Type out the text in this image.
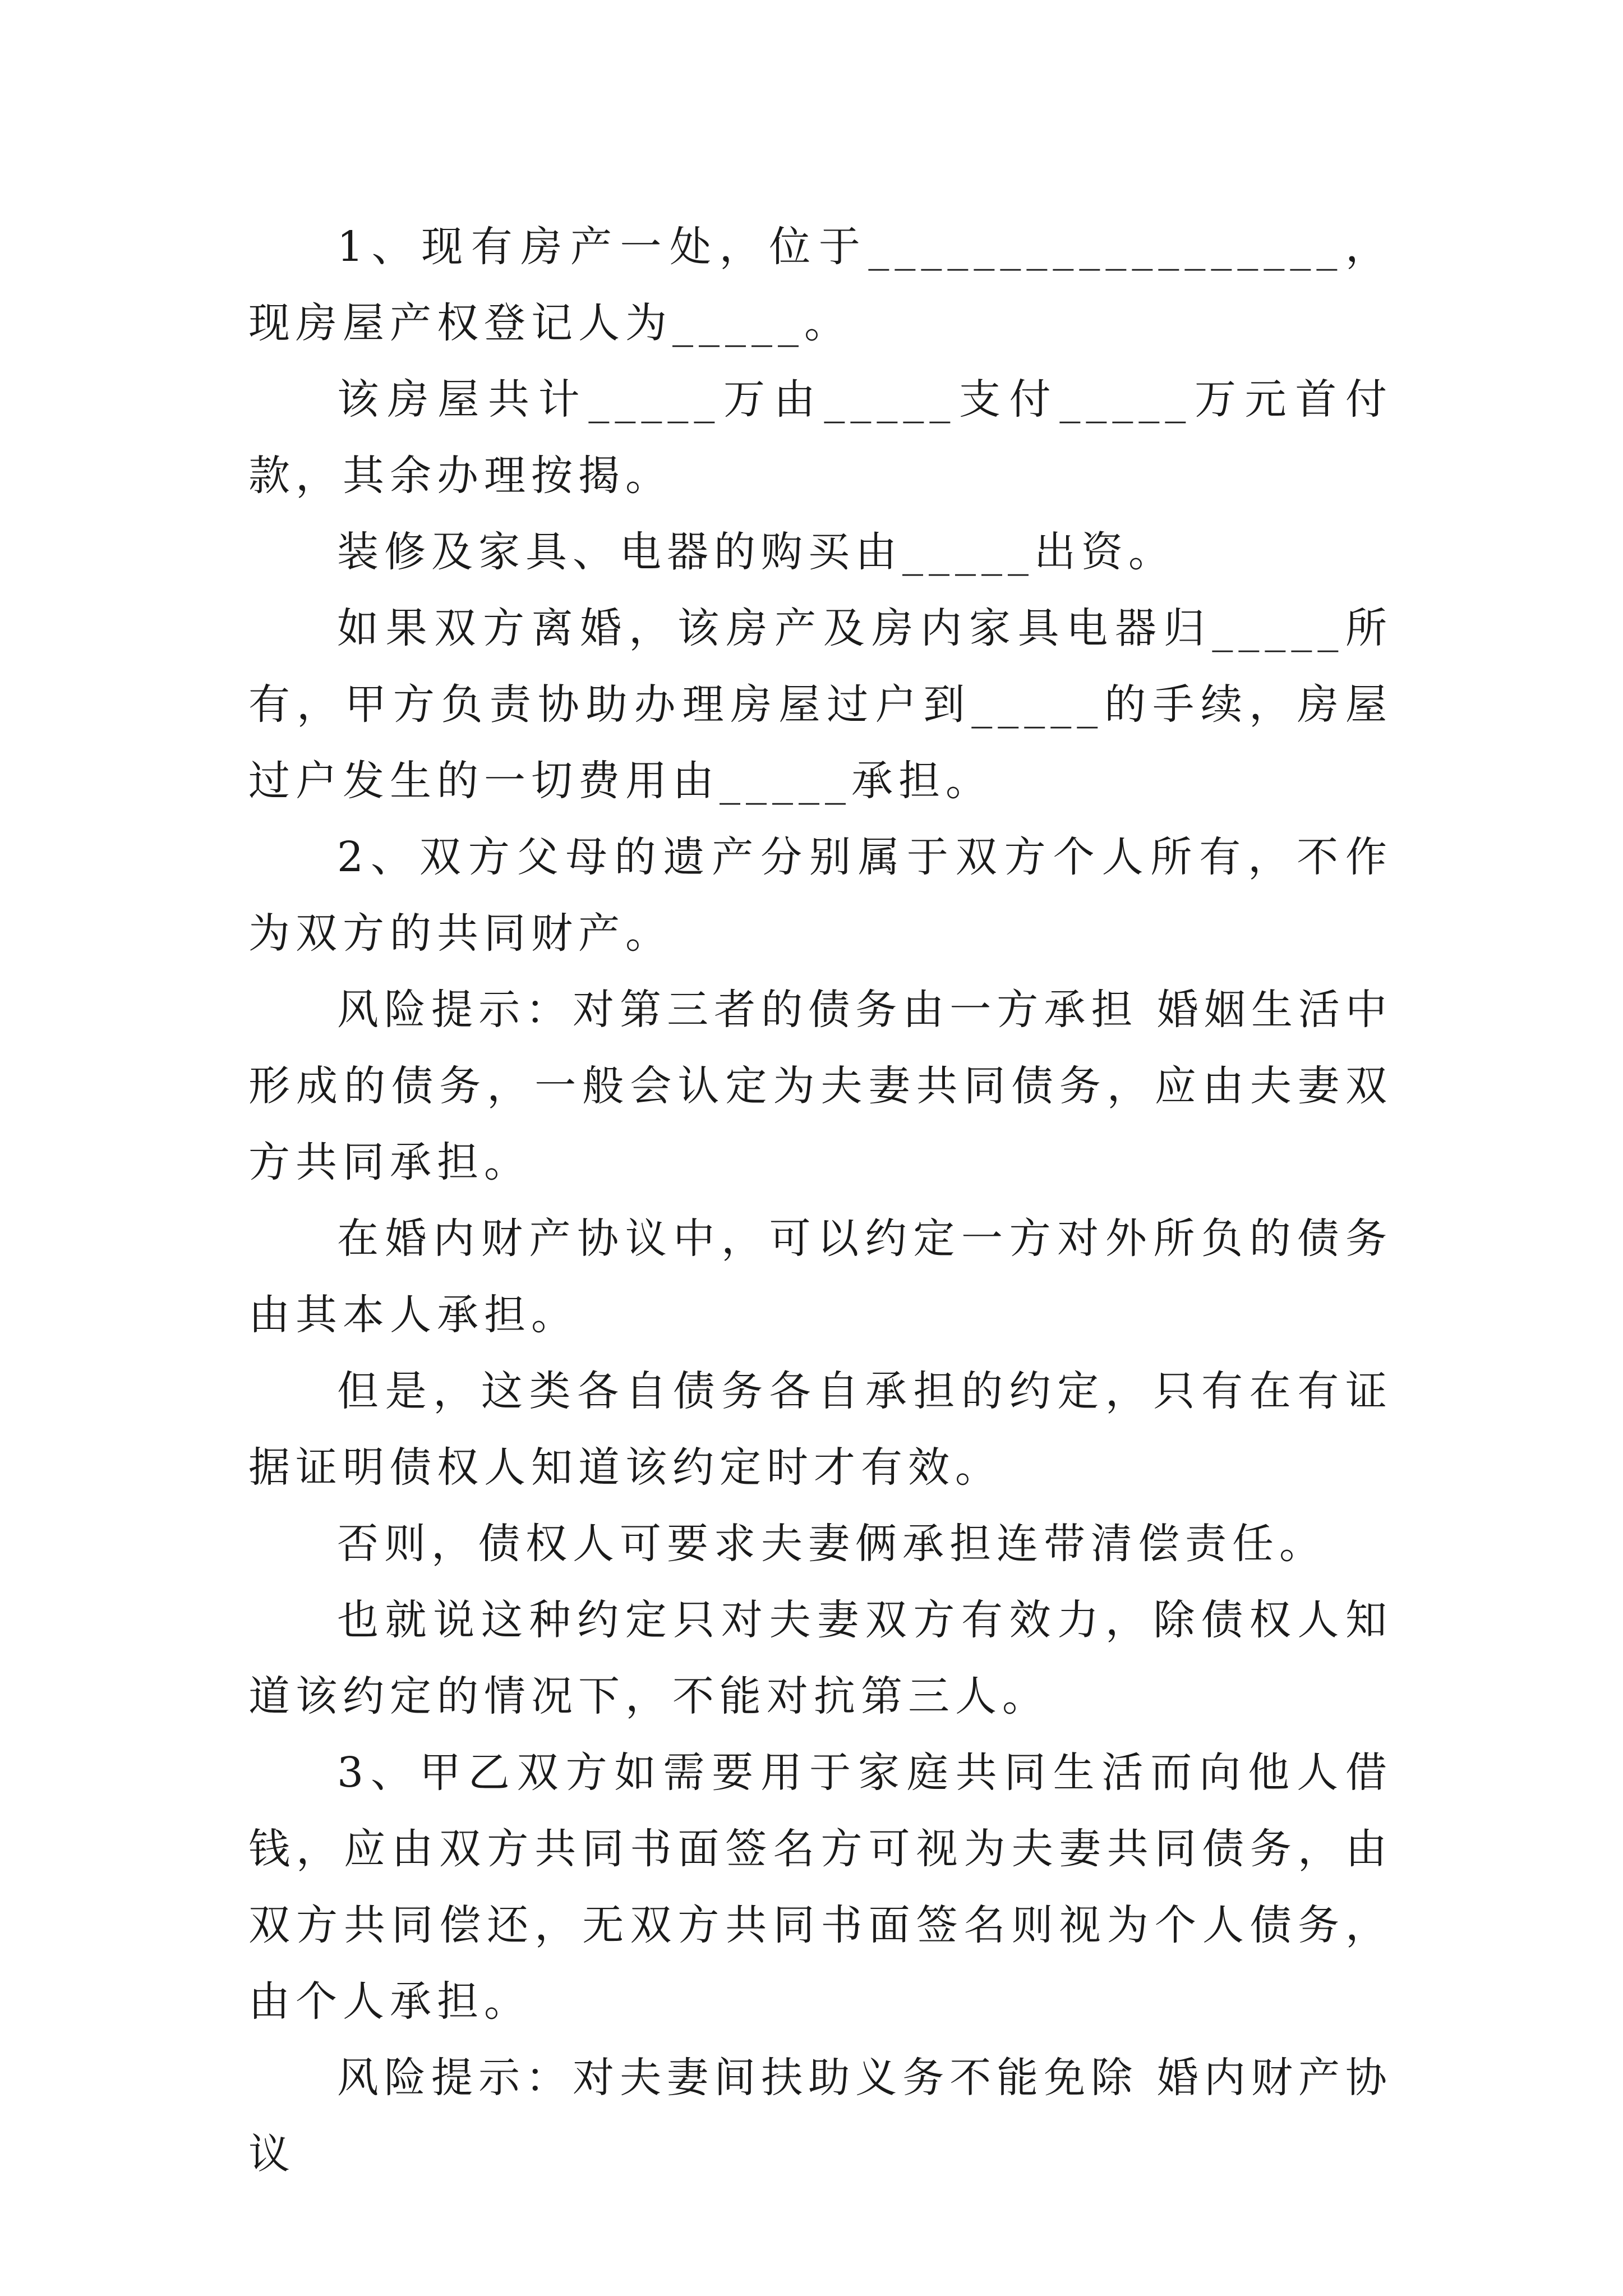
1、现有房产一处，位于__________________，现房屋产权登记人为_____。

该房屋共计_____万由_____支付_____万元首付款，其余办理按揭。

装修及家具、电器的购买由_____出资。

如果双方离婚，该房产及房内家具电器归_____所有，甲方负责协助办理房屋过户到_____的手续，房屋过户发生的一切费用由_____承担。

2、双方父母的遗产分别属于双方个人所有，不作为双方的共同财产。

风险提示：对第三者的债务由一方承担 婚姻生活中形成的债务，一般会认定为夫妻共同债务，应由夫妻双方共同承担。

在婚内财产协议中，可以约定一方对外所负的债务由其本人承担。

但是，这类各自债务各自承担的约定，只有在有证据证明债权人知道该约定时才有效。

否则，债权人可要求夫妻俩承担连带清偿责任。

也就说这种约定只对夫妻双方有效力，除债权人知道该约定的情况下，不能对抗第三人。

3、甲乙双方如需要用于家庭共同生活而向他人借钱，应由双方共同书面签名方可视为夫妻共同债务，由双方共同偿还，无双方共同书面签名则视为个人债务，由个人承担。

风险提示：对夫妻间扶助义务不能免除 婚内财产协议
